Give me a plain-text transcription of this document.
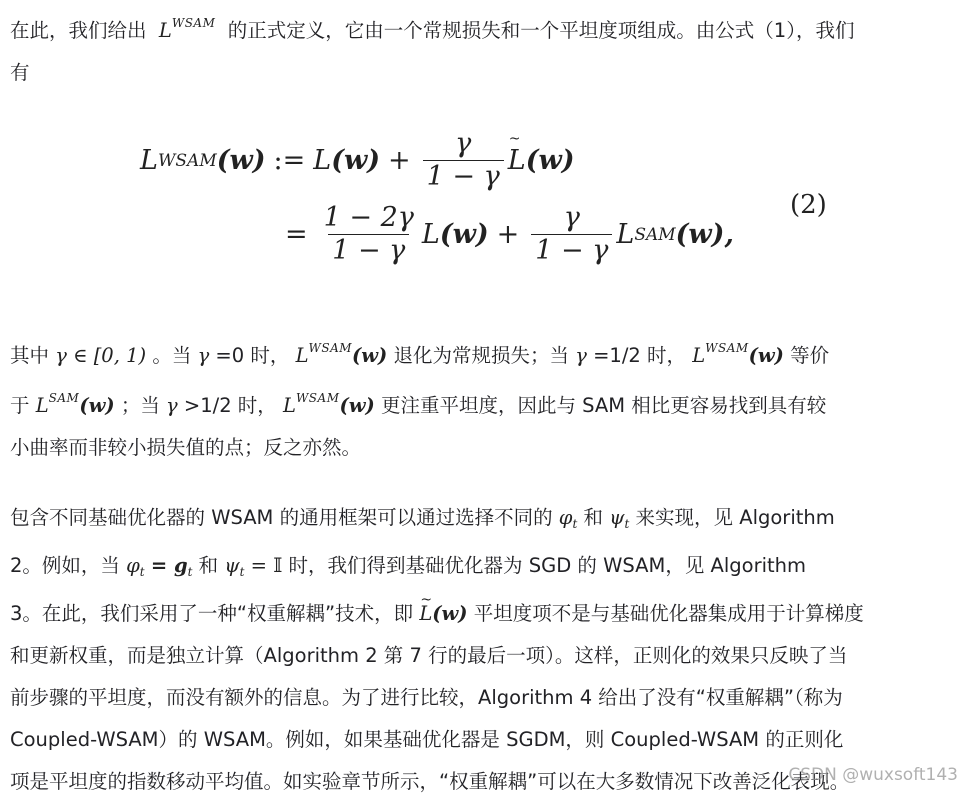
在此，我们给出 $L^{WSAM}$ 的正式定义，它由一个常规损失和一个平坦度项组成。由公式（1），我们
有
L WSAM (w) := L $(w) + \frac{\gamma}{1 - \gamma}$ ~ L (w)
= $\frac{1 - 2\gamma}{1 - \gamma}$ L $(w) + \frac{\gamma}{1 - \gamma}$ L SAM (w),
(2)
其中 γ ∈ [0, 1) 。当 γ =0 时， $L^{WSAM}(w)$ 退化为常规损失；当 γ =1/2 时， $L^{WSAM}(w)$ 等价
于 $L^{SAM}(w)$ ；当 γ >1/2 时， $L^{WSAM}(w)$ 更注重平坦度，因此与 SAM 相比更容易找到具有较
小曲率而非较小损失值的点；反之亦然。
包含不同基础优化器的 WSAM 的通用框架可以通过选择不同的 $\varphi_t$ 和 $\psi_t$ 来实现，见 Algorithm
2。例如，当 $\varphi_t = g_t$ 和 $\psi_t$ = 𝕀 时，我们得到基础优化器为 SGD 的 WSAM，见 Algorithm
3。在此，我们采用了一种“权重解耦”技术，即 ~ L(w) 平坦度项不是与基础优化器集成用于计算梯度
和更新权重，而是独立计算（Algorithm 2 第 7 行的最后一项）。这样，正则化的效果只反映了当
前步骤的平坦度，而没有额外的信息。为了进行比较，Algorithm 4 给出了没有“权重解耦”（称为
Coupled-WSAM）的 WSAM。例如，如果基础优化器是 SGDM，则 Coupled-WSAM 的正则化
项是平坦度的指数移动平均值。如实验章节所示，“权重解耦”可以在大多数情况下改善泛化表现。
CSDN @wuxsoft143
